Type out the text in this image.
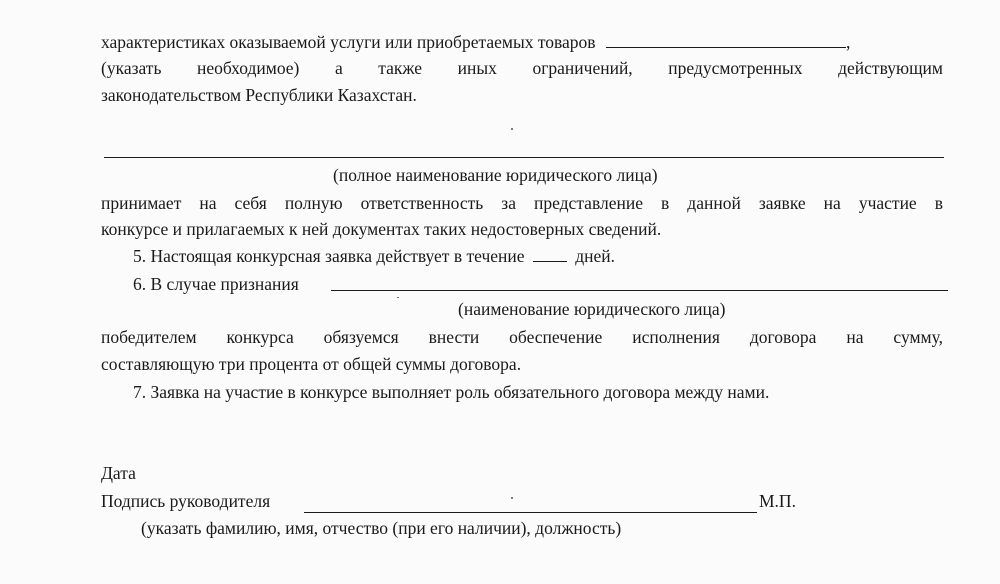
характеристиках оказываемой услуги или приобретаемых товаров	,
(указать необходимое) а также иных ограничений, предусмотренных действующим
законодательством Республики Казахстан.
(полное наименование юридического лица)
принимает на себя полную ответственность за представление в данной заявке на участие в
конкурсе и прилагаемых к ней документах таких недостоверных сведений.
5. Настоящая конкурсная заявка действует в течение	дней.
6. В случае признания
(наименование юридического лица)
победителем конкурса обязуемся внести обеспечение исполнения договора на сумму,
составляющую три процента от общей суммы договора.
7. Заявка на участие в конкурсе выполняет роль обязательного договора между нами.
Дата
Подпись руководителя	М.П.
(указать фамилию, имя, отчество (при его наличии), должность)
